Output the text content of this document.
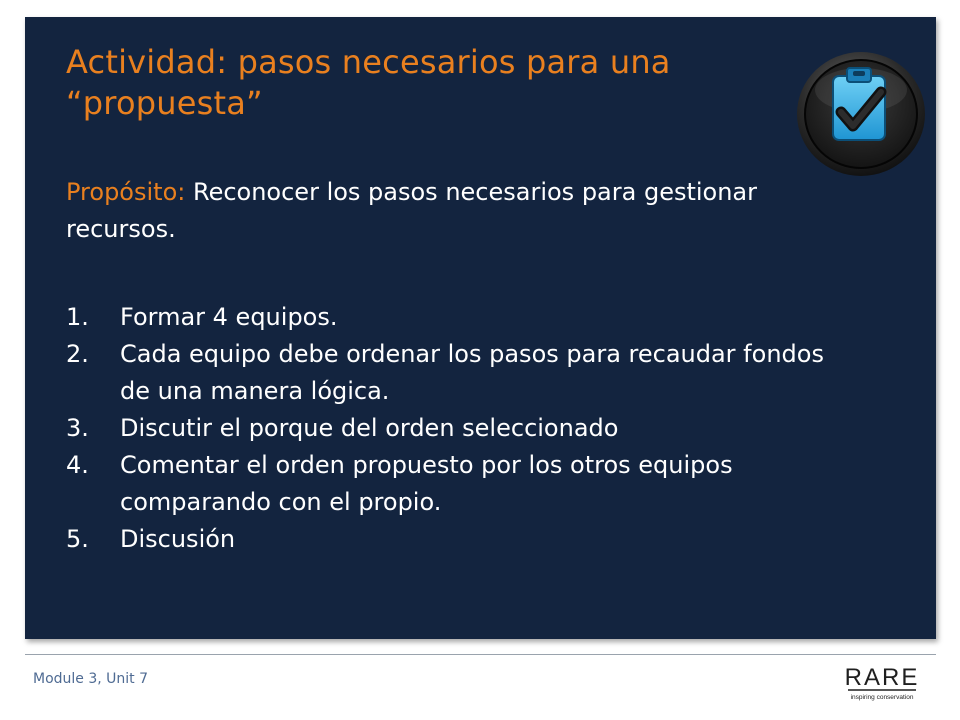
Actividad: pasos necesarios para una “propuesta”

Propósito: Reconocer los pasos necesarios para gestionar recursos.

1.	Formar 4 equipos.
2.	Cada equipo debe ordenar los pasos para recaudar fondos de una manera lógica.
3.	Discutir el porque del orden seleccionado
4.	Comentar el orden propuesto por los otros equipos comparando con el propio.
5.	Discusión
Module 3, Unit 7	RARE
inspiring conservation
